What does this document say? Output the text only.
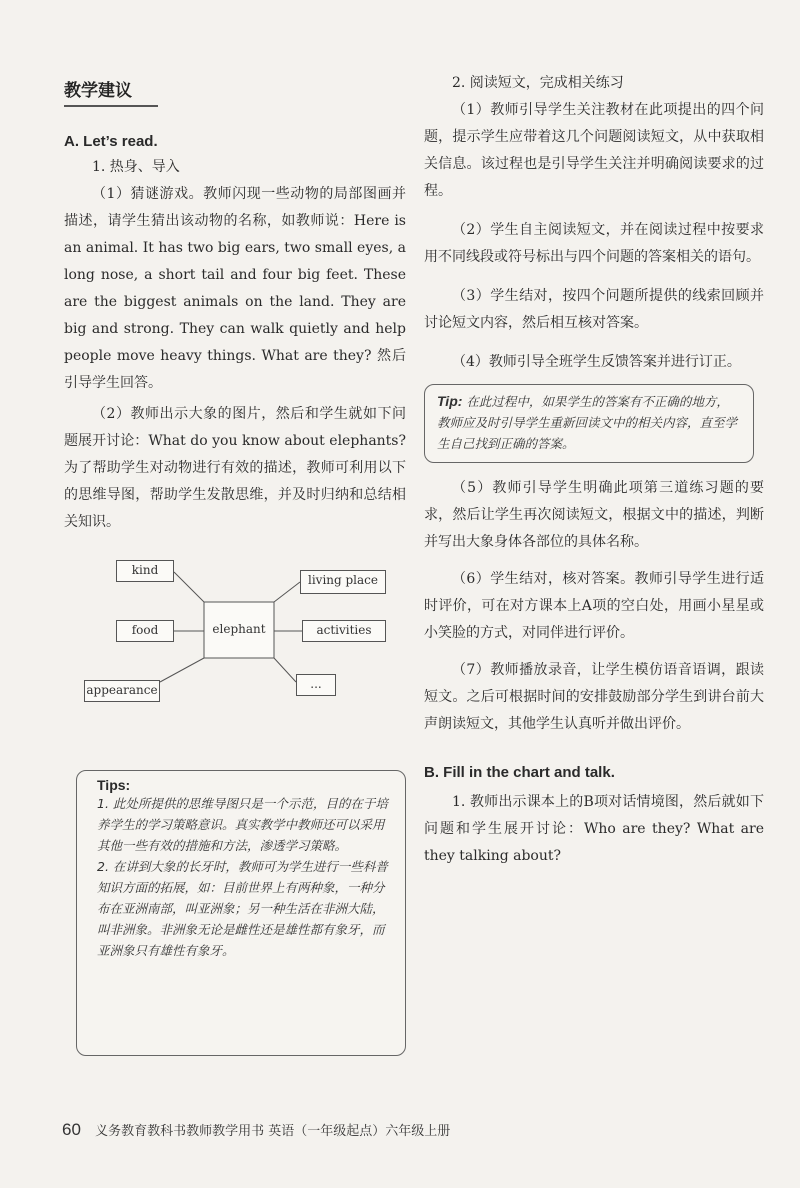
教学建议
A. Let’s read.

1. 热身、导入

（1）猜谜游戏。教师闪现一些动物的局部图画并描述，请学生猜出该动物的名称，如教师说：Here is an animal. It has two big ears, two small eyes, a long nose, a short tail and four big feet. These are the biggest animals on the land. They are big and strong. They can walk quietly and help people move heavy things. What are they? 然后引导学生回答。

（2）教师出示大象的图片，然后和学生就如下问题展开讨论：What do you know about elephants? 为了帮助学生对动物进行有效的描述，教师可利用以下的思维导图，帮助学生发散思维，并及时归纳和总结相关知识。

elephant
kind
food
appearance
living place
activities
...
Tips:

1. 此处所提供的思维导图只是一个示范，目的在于培养学生的学习策略意识。真实教学中教师还可以采用其他一些有效的措施和方法，渗透学习策略。

2. 在讲到大象的长牙时，教师可为学生进行一些科普知识方面的拓展，如：目前世界上有两种象，一种分布在亚洲南部，叫亚洲象；另一种生活在非洲大陆，叫非洲象。非洲象无论是雌性还是雄性都有象牙，而亚洲象只有雄性有象牙。

2. 阅读短文，完成相关练习

（1）教师引导学生关注教材在此项提出的四个问题，提示学生应带着这几个问题阅读短文，从中获取相关信息。该过程也是引导学生关注并明确阅读要求的过程。

（2）学生自主阅读短文，并在阅读过程中按要求用不同线段或符号标出与四个问题的答案相关的语句。

（3）学生结对，按四个问题所提供的线索回顾并讨论短文内容，然后相互核对答案。

（4）教师引导全班学生反馈答案并进行订正。

Tip: 在此过程中，如果学生的答案有不正确的地方，教师应及时引导学生重新回读文中的相关内容，直至学生自己找到正确的答案。

（5）教师引导学生明确此项第三道练习题的要求，然后让学生再次阅读短文，根据文中的描述，判断并写出大象身体各部位的具体名称。

（6）学生结对，核对答案。教师引导学生进行适时评价，可在对方课本上A项的空白处，用画小星星或小笑脸的方式，对同伴进行评价。

（7）教师播放录音，让学生模仿语音语调，跟读短文。之后可根据时间的安排鼓励部分学生到讲台前大声朗读短文，其他学生认真听并做出评价。

B. Fill in the chart and talk.

1. 教师出示课本上的B项对话情境图，然后就如下问题和学生展开讨论：Who are they? What are they talking about?

60 义务教育教科书教师教学用书 英语（一年级起点）六年级上册
